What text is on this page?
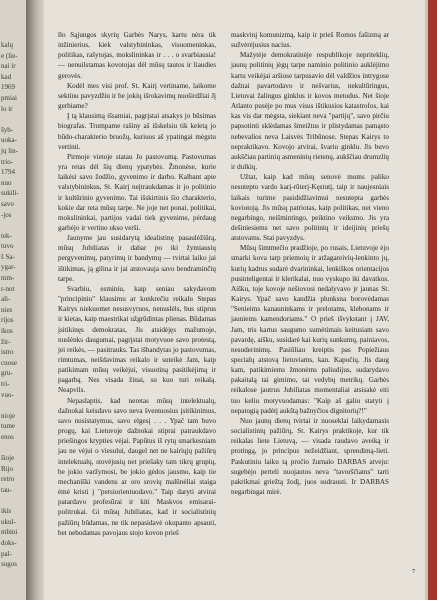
kalų
e (lie-
nai ir
kad
1969
pmiai
lo ir

šyb-
uoka-
jų lin-
trio-
1794
nuo
sukili-
savo
-jos

tek-
tuvo
š Sa-
ygar-
mm-
r-not
ali-
nies
rijos
ikos
žir-
istro
cuose
gru-
tri-
vuo-

nioje
tume
enos

šioje
Rijo
retro
tau-

ikis
ukul-
mbini
doks-
pal-
sugos

llo Sąjungos skyrių Garbės Narys, kartu nėra tik inžinierius, kiek valstybininkas, visuomeninkas, politikas, rašytojas, mokslininkas ir . . . o svarbiausia! — nenuilstamas kovotojas dėl mūsų tautos ir liaudies gerovės.

Kodėl mes visi prof. St. Kairį vertiname, laikome sektinu pavyzdžiu ir be jokių išrokavimų nuoširdžiai Jį gerbiame?

Į tą klausimą išsamiai, pagrįstai atsakys jo būsimas biografas. Trumpame rašiny aš išskelsiu tik keletą jo būdo-charakterio bruožų, kuriuos aš ypatingai mėgstu vertinti.

Pirmoje vietoje statau Jo pastovumą. Pastovumas yra retas dėl šių dienų ypatybės. Žmonėse, kurie laikėsi savo žodžio, gyvenimo ir darbo. Kalbant apie valstybininkus, St. Kairį neįtraukdamas ir jo politinio ir kultūrinio gyvenimo. Tai išskirtinis šio charakterio, kokie dar reta mūsų tarpe. Ne joje net ponai, politikai, mokslininkai, partijos vadai tiek gyvenime, pėrdaug garbėjo ir vertino ukso verši.

Jaunyme jau susidarytą idealistinę pasaulėžiūrą, mūsų Jubiliatas ir dabar po iki žymiausių pergyvenimų, patyrimų ir bandymų — tvirtai laiko jai ištikimas, ją gilina ir jai atstovauja savo bendraminčių tarpe.

Svarbiu, esminiu, kaip seniau sakydavom "principiniu" klausimu ar konkrečiu reikalu Stepas Kairys niekuomet nesusvyruos, nenuslėls, bus stiprus ir kietas, kaip maestrikai užgrūdintas plienas. Būdamas įsitikinęs demokratas, Jis atsidėjęs mažumoje, nuslėnks daugumai, pagrįstai motyvuoe savo protestą, jei reikės, — pasitrauks. Tas išbandytas jo pastovumas, rimtumas, neišdavimas reikalo ir suteikė Jam, kaip patikimam mūsų veikėjui, visuotiną pasitikėjimą ir pagarbą. Nes visada žinai, su kuo turi reikalą. Neapvils.

Nepaslaptis, kad neretas mūsų intelektualų, dažnokai keisdavo savo neva šventuosius įsitikinimus, savo nusistatymus, savo elgesį . . . Ypač tam buvo progų, kai Lietuvoje dažnokai stiprai patraukdavo priešingos krypties vėjai. Papūtus iš rytų smarkesniam jau ne vėjui o viesului, daugel net ne kairiųjų pažiūrų intelektualų, stovėjusių net priešaky tam tikrų grupių, be jokio varžymosi, be jokio gėdos jausmo, kaip tie mechaniški vandens ar oro srovių malūnėliai staiga ėmė kristi į "persiorientuodavo." Taip daryti atvirai patardavo profesūrai ir kiti Maskvos emisarai-politrukai. Gi mūsų Jubiliatas, kad ir socialistinių pažiūrų būdamas, ne tik nepasidavė okupanto apsauti, bet nebodamas pavojaus stojo kovon prieš

maskvinį komunizmą, kaip ir prieš Romos fašizmą ar sužvėrėjusius nacius.

Mažytėje demokratinėje respublikoje nepriteklių, jaunų politinių jėgų tarpe naminio politinio auklėjimo kartu veikėjai aršiose tarpusavio dėl valdžios intrygose dažnai pavartodavo ir nešvarius, nekultūringus, Lietuvai žalingus ginklus ir kovos metodus. Net šioje Atlanto pusėje po mus visus ištikusios katastrofos, kai kas vis dar mėgsta, siekiant neva "partijų", savo pirčiu papsotinti sklėdamas šmeižtus ir plistydamas pamąsto nebevalios neva Laisvės Tribūnose. Stepas Kairys to nepraktikavo. Kovojo atvirai, švariu ginklu. Jis buvo aukščiau partinių asmeninių rietenų, aukščiau drumzlių ir dulkių.

Užtat, kaip kad mūsų senovė mums paliko nesutepto vardo karį-rūterį-Kęstutį, taip ir naujesniais laikais turime pasididžiavimui nesutepta garbės koviotoją. Jis mūsų patriotas, kaip politikas, nei vieno negarbingo, neišmintingo, peiktino veiksmo. Jis yra dešiniesiems net savo politinių ir ideijinių priešų atstovams. Stai pavyzdys.

Mūsų šimtmečio pradžioje, po rusais, Lietuvoje ėjo smarki kova tarp priemoių ir atžagareivių-lenkinto jų, kurių kadrus sudarė dvarininkai, lenkiškos orientacijos pusinteligentai ir klerikalai, nuo vyskupo iki davatkos. Aišku, toje kovoje nešiovosi nedalyvavo jr jaunas St. Kairys. Ypač savo kandžia plunksna borovėdamas "Senieims kanauninkams ir prelotams, klebonams ir jauniems kamendoriams." O prieš išvykstant į JAV, Jam, tris kartus saugumo sumėtimais keitusiam savo pavardę, aišku, susidarė kai kurių sunkumų, painiavos, nesuderinimų. Pasiūliau kreiptis pas Popiežiaus specialų atstovą lietuviams, kan. Kapočių. Jis daug kam, patikimiems žmonėms paliudijus, sudarydavo pakaitalą tai gimimo, tai vedybų metrikų. Garbės reikalose jautrus Jubiliatas momentaliai atsisakė eiti tuo keliu motyvuodamas: "Kaip aš galiu statyti į nepatogią padėtį aukštą bažnyčios dignitorių?!"

Nuo jaunų dienų tvirtai ir nuoseklai laikydamasis socialistinių pažiūrų, St. Kairys praktikoje, kur tik reikalas liete Lietuvą, — visada raudavo aveiką ir protingą, jo principus nežeidžiant, sprendimą-lieti. Paskutiniu laiku tą pročio žurnalo DARBAS atveju: sugebėjo perteli nuojautos neva "tavorščiams" tarti pakrikmai griežtą žodį, juos sudrausti. Ir DARBAS negarbingai mirė.

7
